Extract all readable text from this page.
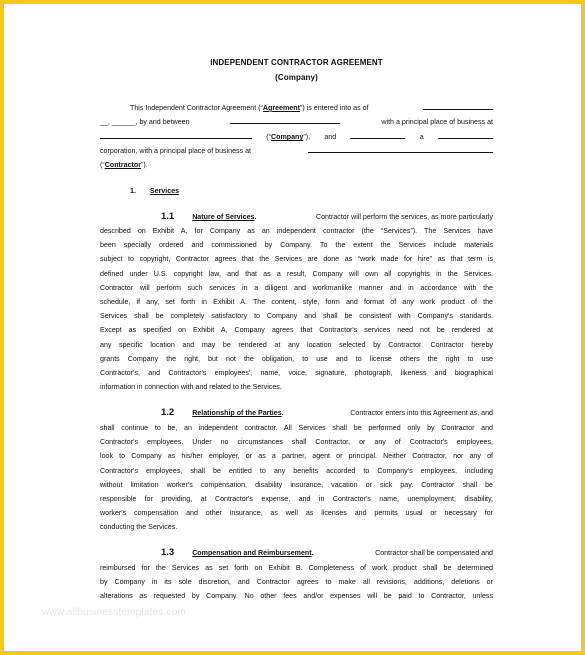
INDEPENDENT CONTRACTOR AGREEMENT
(Company)
This Independent Contractor Agreement (“Agreement”) is entered into as of
__, ______, by and between	with a principal place of business at
(“Company”), and	a
corporation, with a principal place of business at
(“Contractor”).
1. Services
1.1	Nature of Services.	Contractor will perform the services, as more particularly
described on Exhibit A, for Company as an independent contractor (the “Services”). The Services have
been specially ordered and commissioned by Company. To the extent the Services include materials
subject to copyright, Contractor agrees that the Services are done as “work made for hire” as that term is
defined under U.S. copyright law, and that as a result, Company will own all copyrights in the Services.
Contractor will perform such services in a diligent and workmanlike manner and in accordance with the
schedule, if any, set forth in Exhibit A. The content, style, form and format of any work product of the
Services shall be completely satisfactory to Company and shall be consistent with Company's standards.
Except as specified on Exhibit A, Company agrees that Contractor's services need not be rendered at
any specific location and may be rendered at any location selected by Contractor. Contractor hereby
grants Company the right, but not the obligation, to use and to license others the right to use
Contractor's, and Contractor's employees', name, voice, signature, photograph, likeness and biographical
information in connection with and related to the Services.
1.2	Relationship of the Parties.	Contractor enters into this Agreement as, and
shall continue to be, an independent contractor. All Services shall be performed only by Contractor and
Contractor's employees. Under no circumstances shall Contractor, or any of Contractor's employees,
look to Company as his/her employer, or as a partner, agent or principal. Neither Contractor, nor any of
Contractor's employees, shall be entitled to any benefits accorded to Company's employees, including
without limitation worker's compensation, disability insurance, vacation or sick pay. Contractor shall be
responsible for providing, at Contractor's expense, and in Contractor's name, unemployment, disability,
worker's compensation and other insurance, as well as licenses and permits usual or necessary for
conducting the Services.
1.3	Compensation and Reimbursement.	Contractor shall be compensated and
reimbursed for the Services as set forth on Exhibit B. Completeness of work product shall be determined
by Company in its sole discretion, and Contractor agrees to make all revisions, additions, deletions or
alterations as requested by Company. No other fees and/or expenses will be paid to Contractor, unless
www.allbusinesstemplates.com
